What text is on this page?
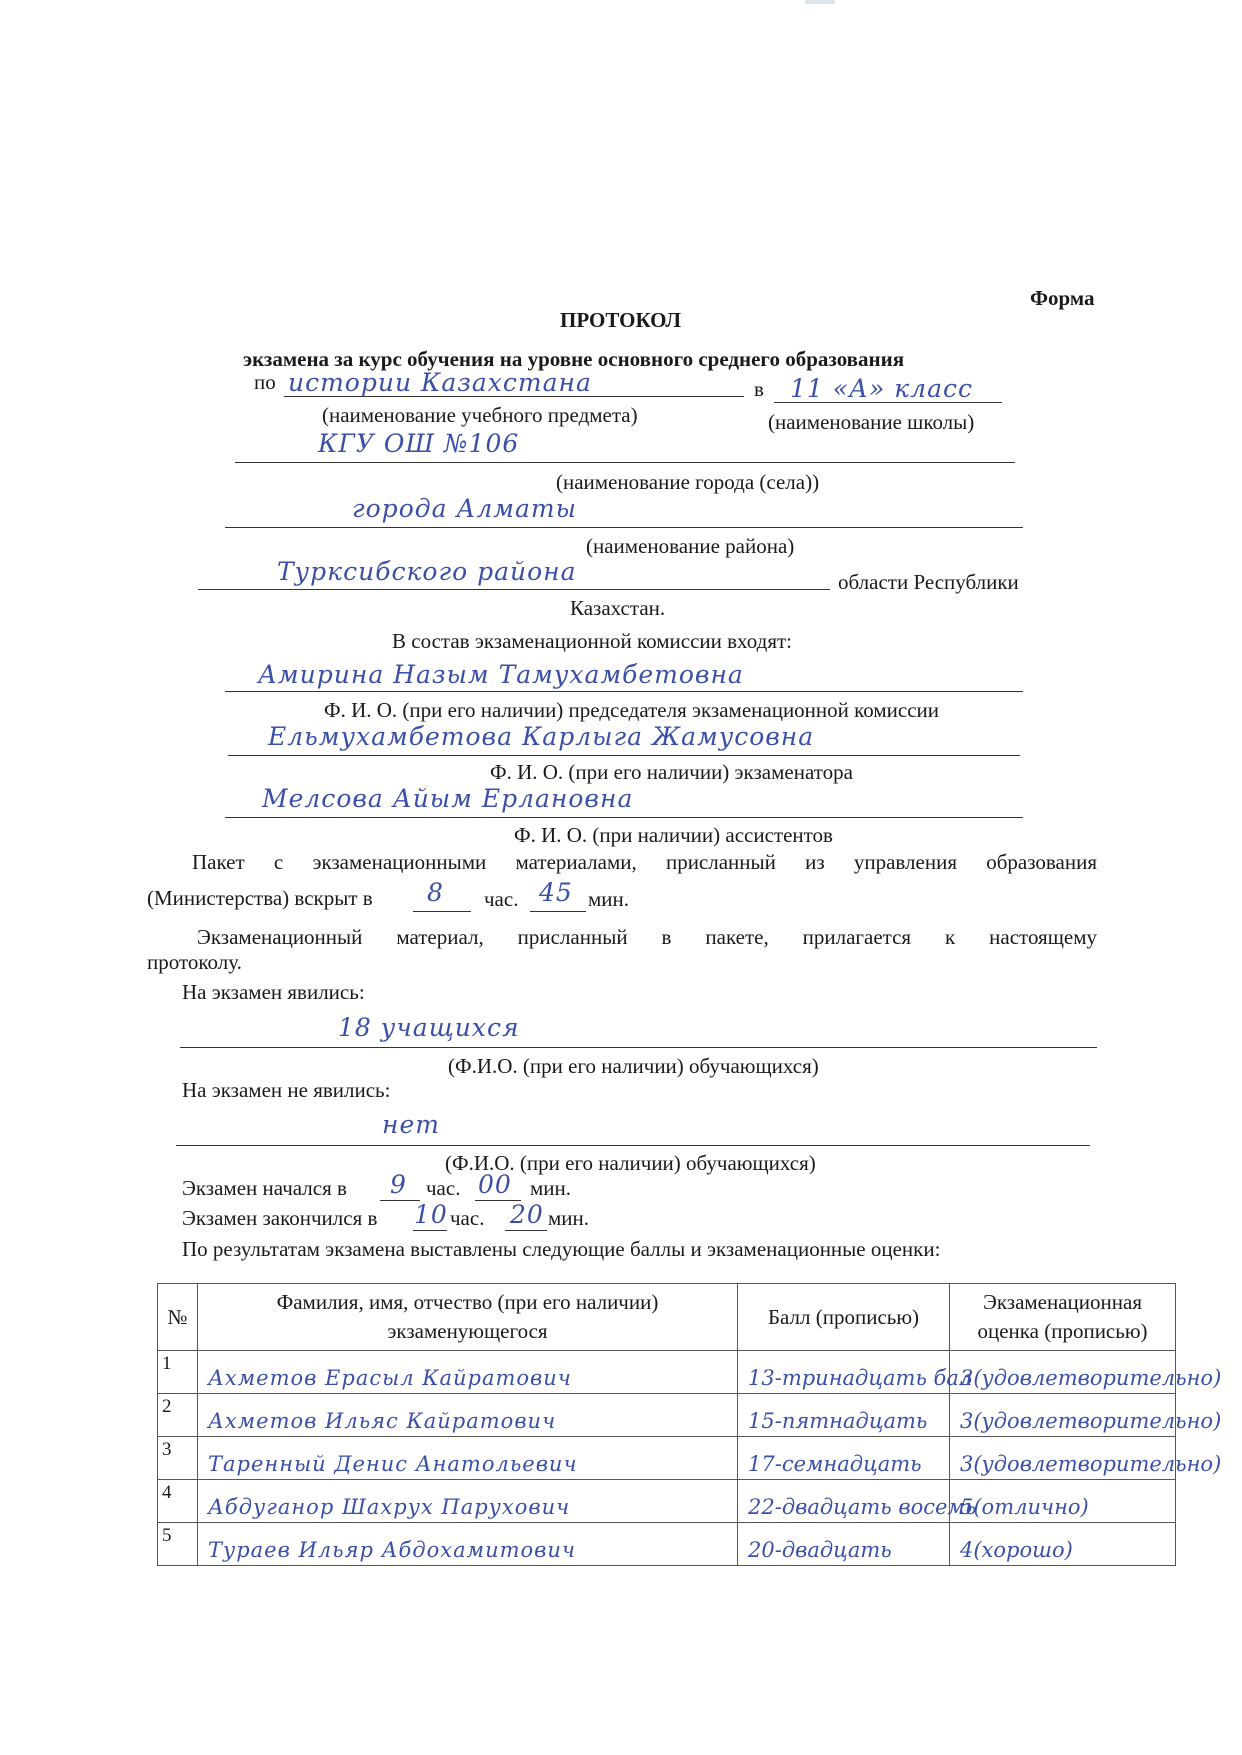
Форма
ПРОТОКОЛ
экзамена за курс обучения на уровне основного среднего образования
по истории Казахстана	в 11 «А» класс
(наименование учебного предмета)	(наименование школы)
КГУ ОШ №106
(наименование города (села))
города Алматы
(наименование района)
Турксибского района	области Республики
Казахстан.
В состав экзаменационной комиссии входят:
Амирина Назым Тамухамбетовна
Ф. И. О. (при его наличии) председателя экзаменационной комиссии
Ельмухамбетова Карлыга Жамусовна
Ф. И. О. (при его наличии) экзаменатора
Мелсова Айым Ерлановна
Ф. И. О. (при наличии) ассистентов
Пакет с экзаменационными материалами, присланный из управления образования
(Министерства) вскрыт в 8 час. 45 мин.
Экзаменационный материал, присланный в пакете, прилагается к настоящему
протоколу.
На экзамен явились:
18 учащихся
(Ф.И.О. (при его наличии) обучающихся)
На экзамен не явились:
нет
(Ф.И.О. (при его наличии) обучающихся)
Экзамен начался в 9 час. 00 мин.
Экзамен закончился в 10 час. 20 мин.
По результатам экзамена выставлены следующие баллы и экзаменационные оценки:
№	Фамилия, имя, отчество (при его наличии) экзаменующегося	Балл (прописью)	Экзаменационная оценка (прописью)
1	Ахметов Ерасыл Кайратович	13-тринадцать бал	3(удовлетворительно)
2	Ахметов Ильяс Кайратович	15-пятнадцать	3(удовлетворительно)
3	Таренный Денис Анатольевич	17-семнадцать	3(удовлетворительно)
4	Абдуганор Шахрух Парухович	22-двадцать восемь	5(отлично)
5	Тураев Ильяр Абдохамитович	20-двадцать	4(хорошо)
